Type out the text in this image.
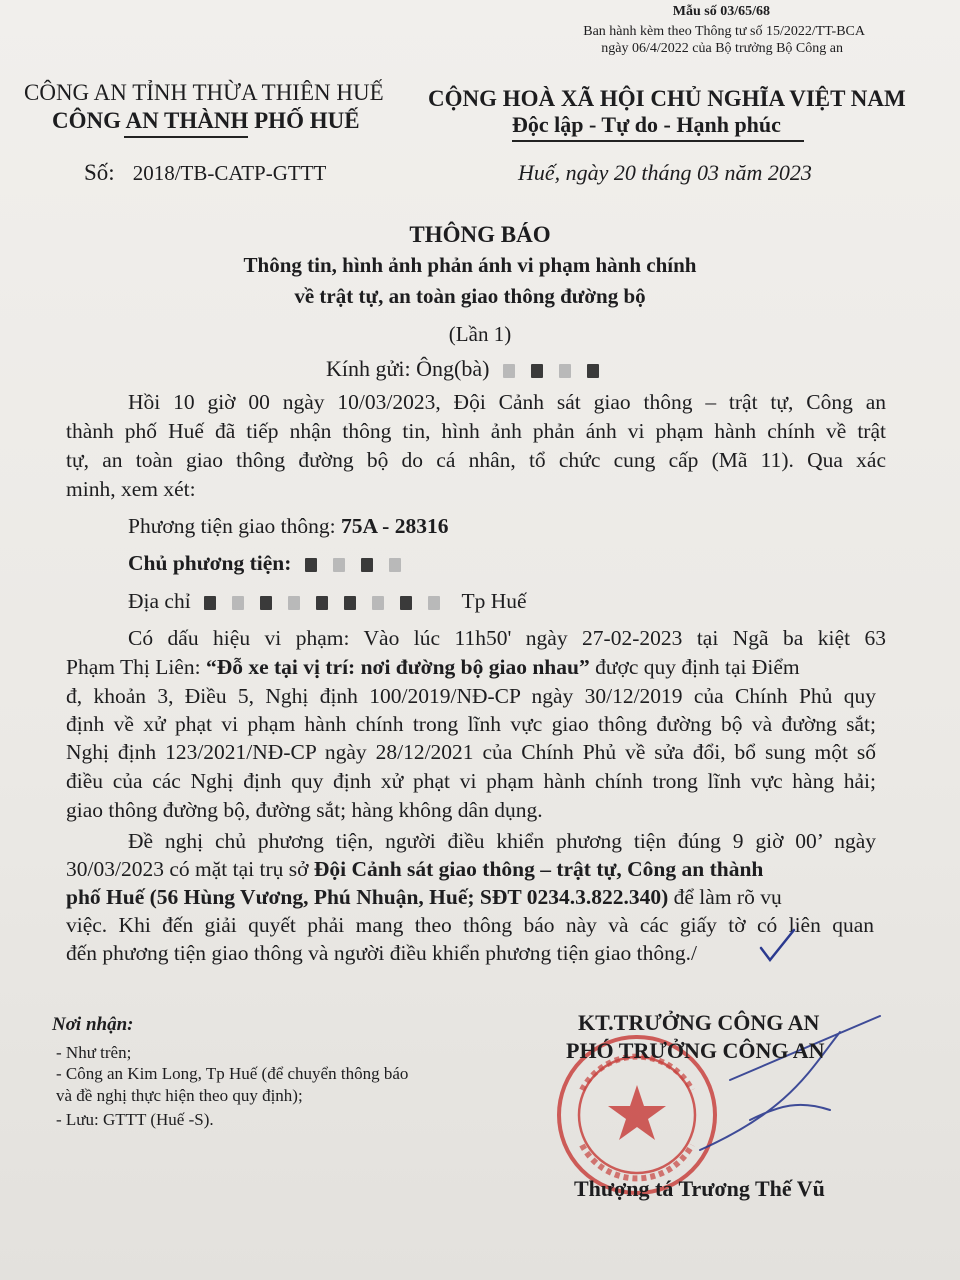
Mẫu số 03/65/68
Ban hành kèm theo Thông tư số 15/2022/TT-BCA
ngày 06/4/2022 của Bộ trưởng Bộ Công an
CÔNG AN TỈNH THỪA THIÊN HUẾ
CÔNG AN THÀNH PHỐ HUẾ
CỘNG HOÀ XÃ HỘI CHỦ NGHĨA VIỆT NAM
Độc lập - Tự do - Hạnh phúc
Số: 2018/TB-CATP-GTTT	Huế, ngày 20 tháng 03 năm 2023
THÔNG BÁO
Thông tin, hình ảnh phản ánh vi phạm hành chính
về trật tự, an toàn giao thông đường bộ
(Lần 1)
Kính gửi: Ông(bà)
Hồi 10 giờ 00 ngày 10/03/2023, Đội Cảnh sát giao thông – trật tự, Công an
thành phố Huế đã tiếp nhận thông tin, hình ảnh phản ánh vi phạm hành chính về trật
tự, an toàn giao thông đường bộ do cá nhân, tổ chức cung cấp (Mã 11). Qua xác
minh, xem xét:
Phương tiện giao thông: 75A - 28316
Chủ phương tiện:
Địa chỉ	Tp Huế
Có dấu hiệu vi phạm: Vào lúc 11h50' ngày 27-02-2023 tại Ngã ba kiệt 63
Phạm Thị Liên: “Đỗ xe tại vị trí: nơi đường bộ giao nhau” được quy định tại Điểm
đ, khoản 3, Điều 5, Nghị định 100/2019/NĐ-CP ngày 30/12/2019 của Chính Phủ quy
định về xử phạt vi phạm hành chính trong lĩnh vực giao thông đường bộ và đường sắt;
Nghị định 123/2021/NĐ-CP ngày 28/12/2021 của Chính Phủ về sửa đổi, bổ sung một số
điều của các Nghị định quy định xử phạt vi phạm hành chính trong lĩnh vực hàng hải;
giao thông đường bộ, đường sắt; hàng không dân dụng.
Đề nghị chủ phương tiện, người điều khiển phương tiện đúng 9 giờ 00’ ngày
30/03/2023 có mặt tại trụ sở Đội Cảnh sát giao thông – trật tự, Công an thành
phố Huế (56 Hùng Vương, Phú Nhuận, Huế; SĐT 0234.3.822.340) để làm rõ vụ
việc. Khi đến giải quyết phải mang theo thông báo này và các giấy tờ có liên quan
đến phương tiện giao thông và người điều khiển phương tiện giao thông./
Nơi nhận:
- Như trên;
- Công an Kim Long, Tp Huế (để chuyển thông báo
và đề nghị thực hiện theo quy định);
- Lưu: GTTT (Huế -S).
KT.TRƯỞNG CÔNG AN
PHÓ TRƯỞNG CÔNG AN
Thượng tá Trương Thế Vũ
